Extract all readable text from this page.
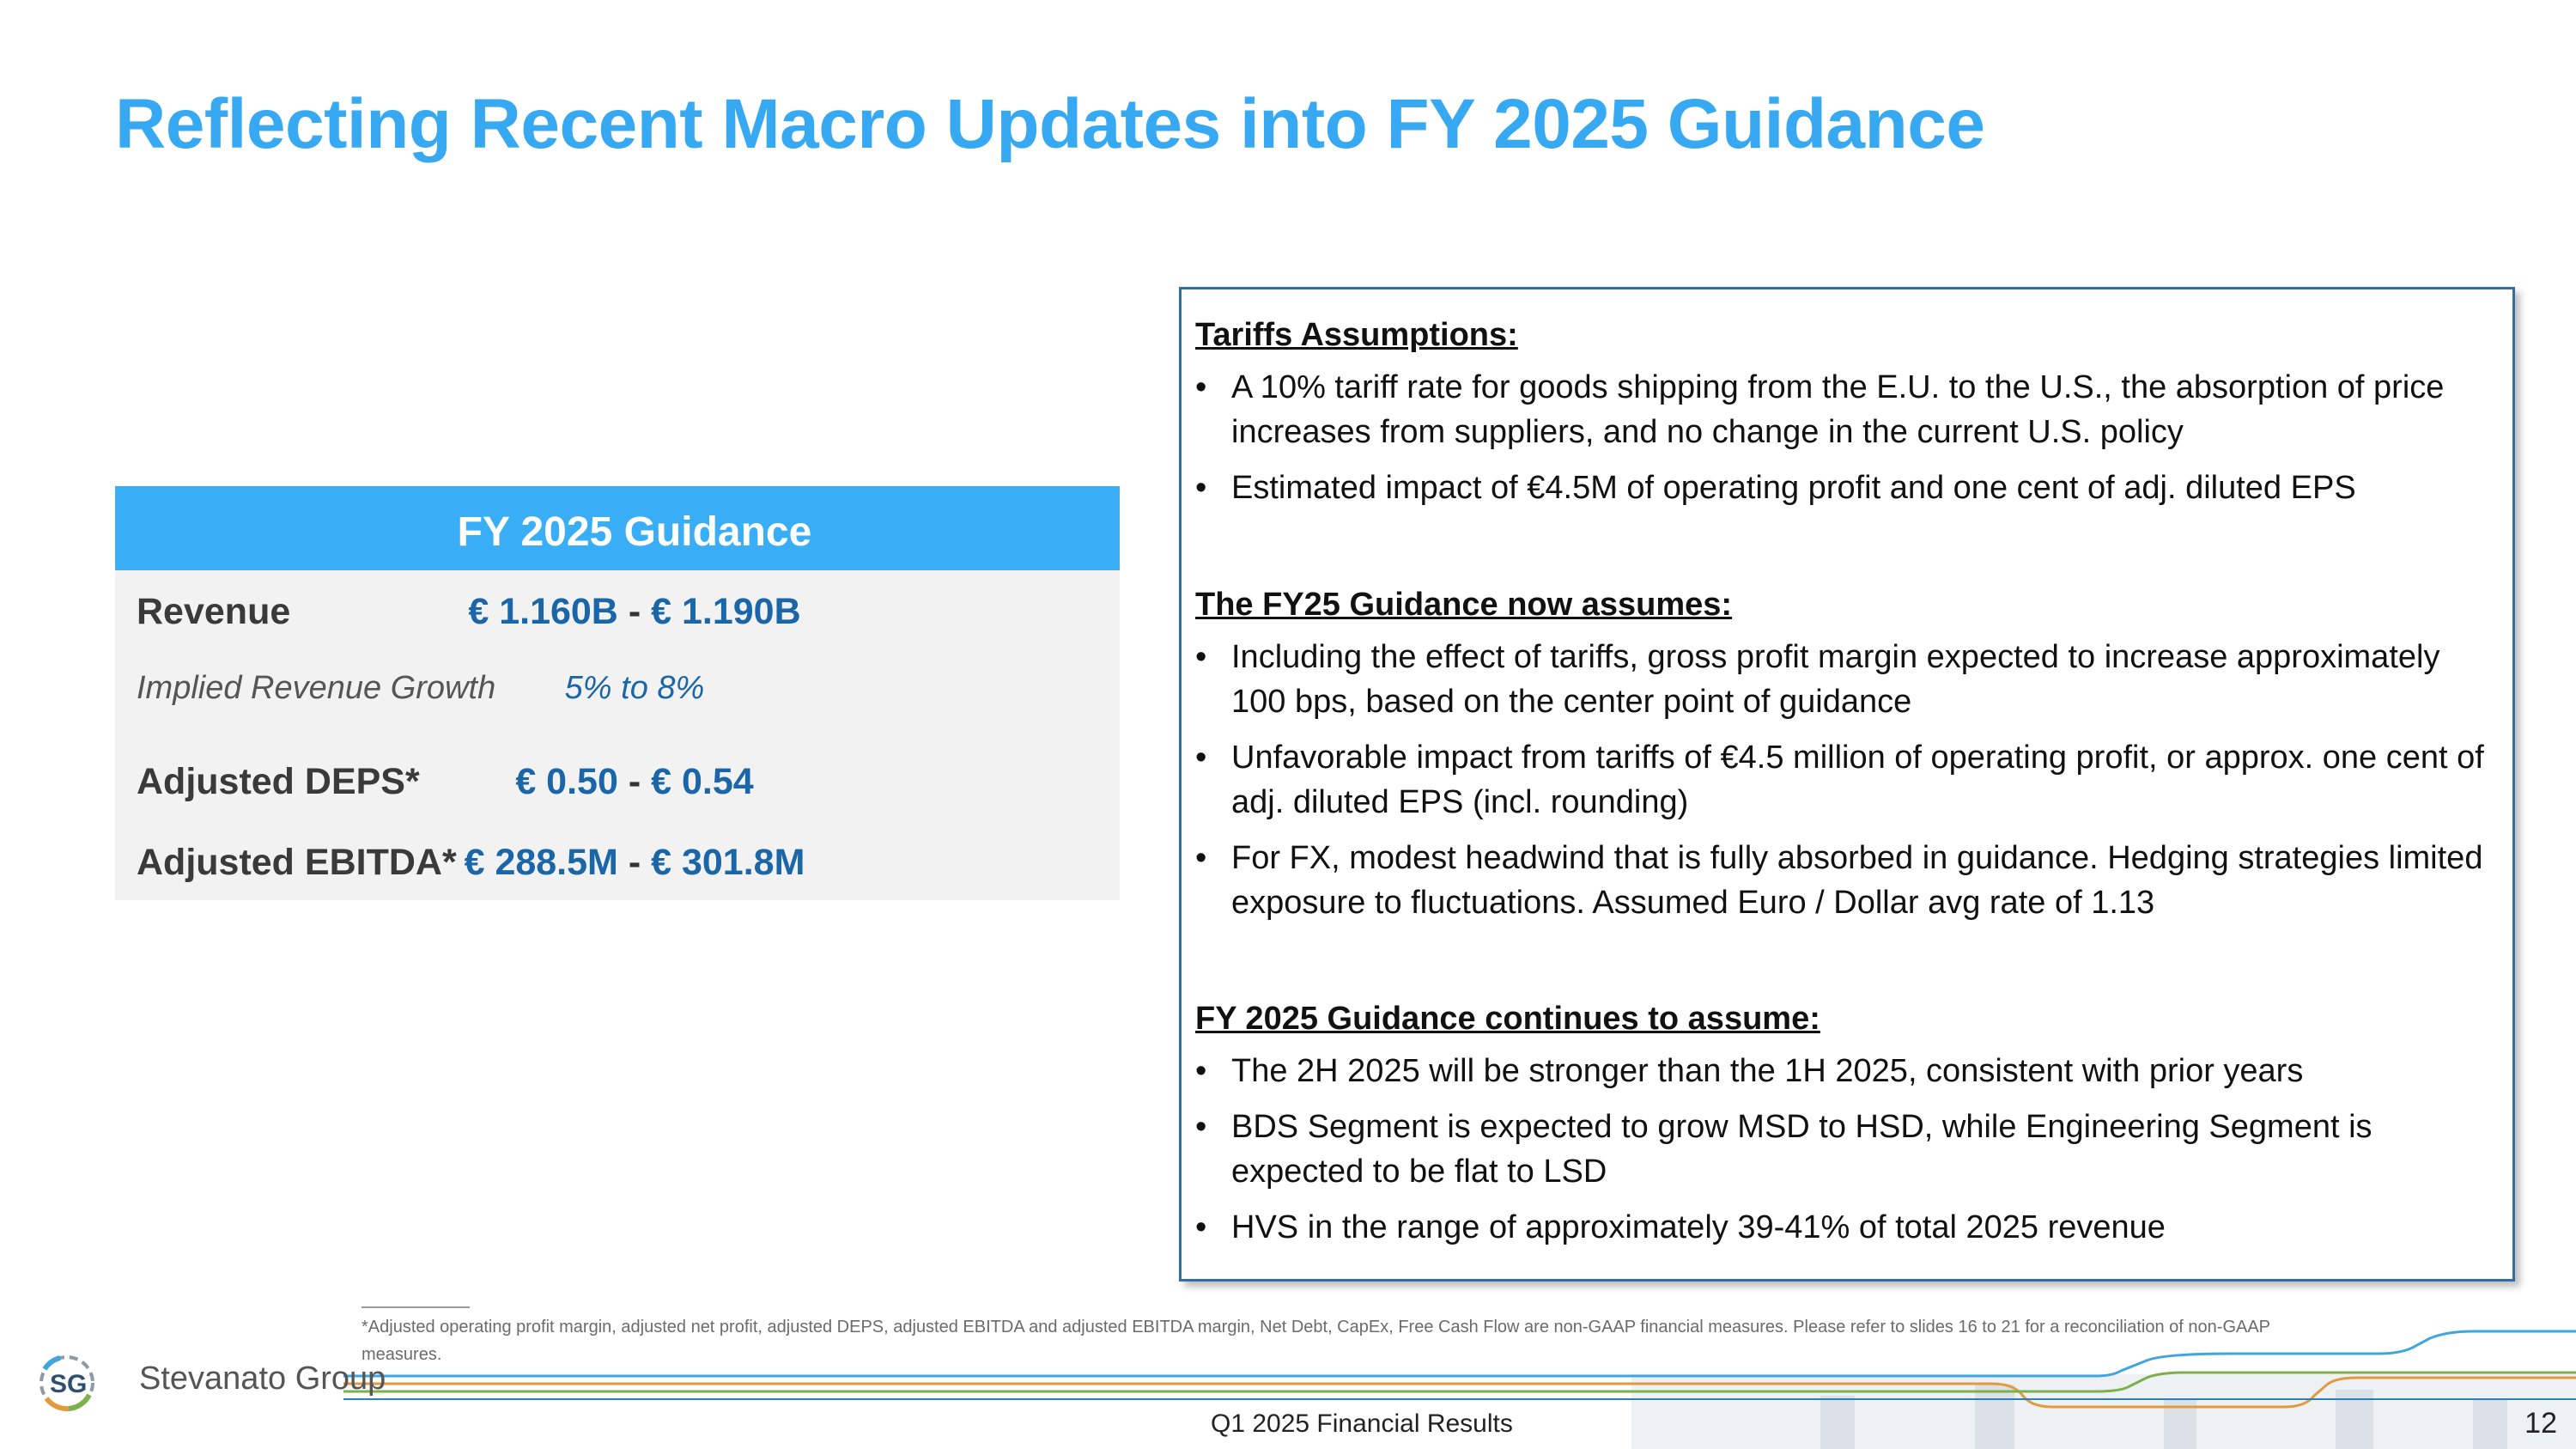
Reflecting Recent Macro Updates into FY 2025 Guidance
FY 2025 Guidance
Revenue	€ 1.160B - € 1.190B
Implied Revenue Growth	5% to 8%
Adjusted DEPS*	€ 0.50 - € 0.54
Adjusted EBITDA* € 288.5M - € 301.8M
Tariffs Assumptions:
• A 10% tariff rate for goods shipping from the E.U. to the U.S., the absorption of price increases from suppliers, and no change in the current U.S. policy
• Estimated impact of €4.5M of operating profit and one cent of adj. diluted EPS
The FY25 Guidance now assumes:
• Including the effect of tariffs, gross profit margin expected to increase approximately 100 bps, based on the center point of guidance
• Unfavorable impact from tariffs of €4.5 million of operating profit, or approx. one cent of adj. diluted EPS (incl. rounding)
• For FX, modest headwind that is fully absorbed in guidance. Hedging strategies limited exposure to fluctuations. Assumed Euro / Dollar avg rate of 1.13
FY 2025 Guidance continues to assume:
• The 2H 2025 will be stronger than the 1H 2025, consistent with prior years
• BDS Segment is expected to grow MSD to HSD, while Engineering Segment is expected to be flat to LSD
• HVS in the range of approximately 39-41% of total 2025 revenue
*Adjusted operating profit margin, adjusted net profit, adjusted DEPS, adjusted EBITDA and adjusted EBITDA margin, Net Debt, CapEx, Free Cash Flow are non-GAAP financial measures. Please refer to slides 16 to 21 for a reconciliation of non-GAAP measures.
SG Stevanato Group
Q1 2025 Financial Results	12
